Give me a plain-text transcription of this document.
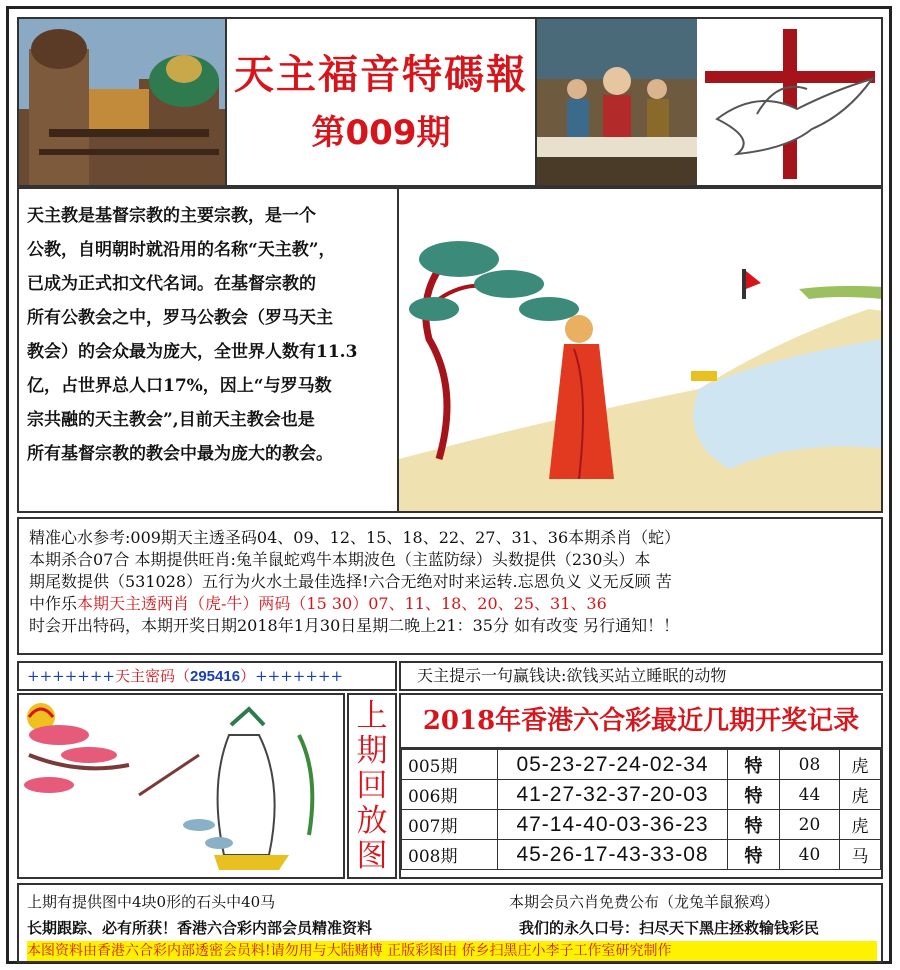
天主福音特碼報
第009期

天主教是基督宗教的主要宗教，是一个

公教，自明朝时就沿用的名称“天主教”，

已成为正式扣文代名词。在基督宗教的

所有公教会之中，罗马公教会（罗马天主

教会）的会众最为庞大，全世界人数有11.3

亿，占世界总人口17%，因上“与罗马数

宗共融的天主教会”,目前天主教会也是

所有基督宗教的教会中最为庞大的教会。

精准心水参考:009期天主透圣码04、09、12、15、18、22、27、31、36本期杀肖（蛇）
本期杀合07合 本期提供旺肖:兔羊鼠蛇鸡牛本期波色（主蓝防绿）头数提供（230头）本
期尾数提供（531028）五行为火水土最佳选择!六合无绝对时来运转.忘恩负义 义无反顾 苦
中作乐本期天主透两肖（虎-牛）两码（15 30）07、11、18、20、25、31、36
时会开出特码，本期开奖日期2018年1月30日星期二晚上21：35分 如有改变 另行通知！！
+++++++天主密码（295416）+++++++	天主提示一句赢钱诀:欲钱买站立睡眠的动物
上
期
回
放
图
2018年香港六合彩最近几期开奖记录
005期	05-23-27-24-02-34	特	08	虎
006期	41-27-32-37-20-03	特	44	虎
007期	47-14-40-03-36-23	特	20	虎
008期	45-26-17-43-33-08	特	40	马
上期有提供图中4块0形的石头中40马	本期会员六肖免费公布（龙兔羊鼠猴鸡）
长期跟踪、必有所获！香港六合彩内部会员精准资料	我们的永久口号：扫尽天下黑庄拯救输钱彩民
本图资料由香港六合彩内部透密会员料!请勿用与大陆赌博 正版彩图由 侨乡扫黑庄小李子工作室研究制作
